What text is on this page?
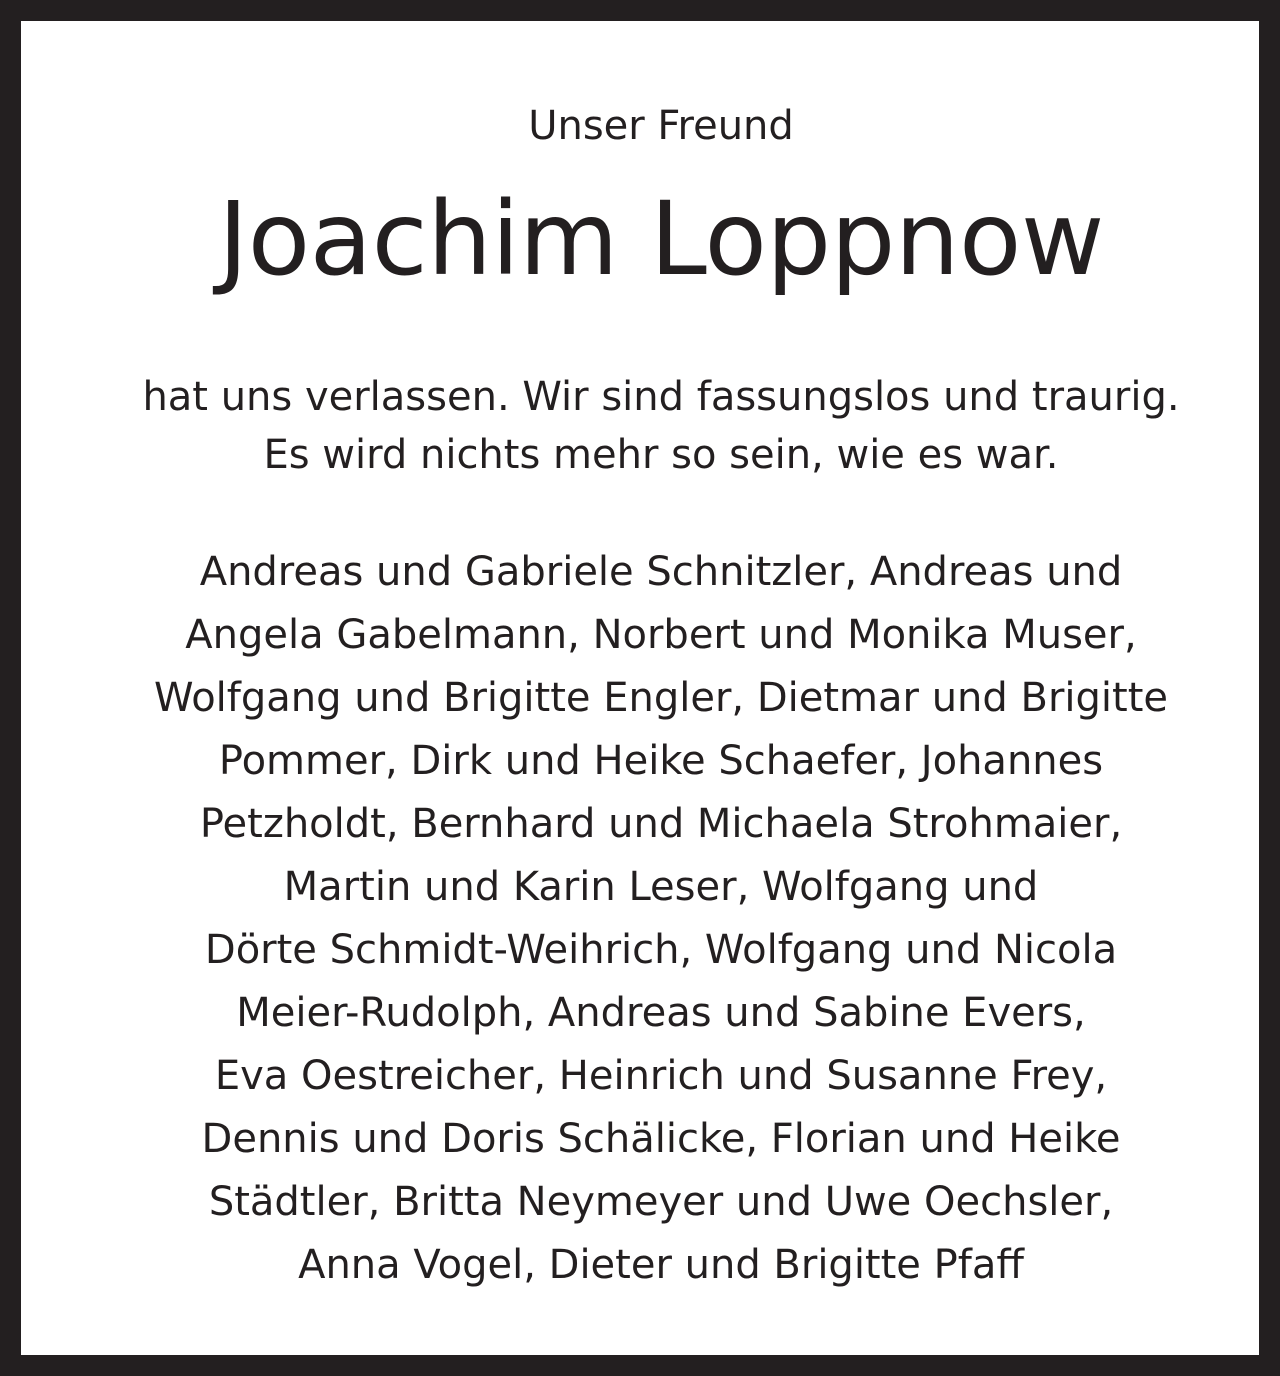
Unser Freund
Joachim Loppnow
hat uns verlassen. Wir sind fassungslos und traurig.
Es wird nichts mehr so sein, wie es war.
Andreas und Gabriele Schnitzler, Andreas und
Angela Gabelmann, Norbert und Monika Muser,
Wolfgang und Brigitte Engler, Dietmar und Brigitte
Pommer, Dirk und Heike Schaefer, Johannes
Petzholdt, Bernhard und Michaela Strohmaier,
Martin und Karin Leser, Wolfgang und
Dörte Schmidt-Weihrich, Wolfgang und Nicola
Meier-Rudolph, Andreas und Sabine Evers,
Eva Oestreicher, Heinrich und Susanne Frey,
Dennis und Doris Schälicke, Florian und Heike
Städtler, Britta Neymeyer und Uwe Oechsler,
Anna Vogel, Dieter und Brigitte Pfaff
